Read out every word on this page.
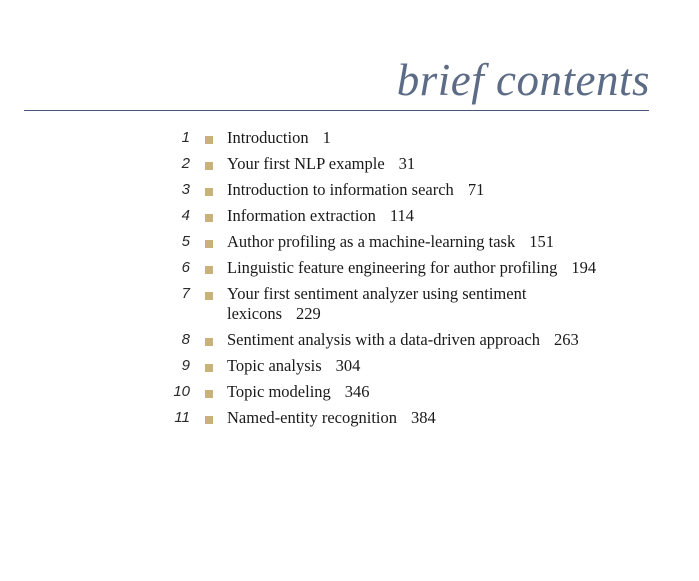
brief contents
1 Introduction 1
2 Your first NLP example 31
3 Introduction to information search 71
4 Information extraction 114
5 Author profiling as a machine-learning task 151
6 Linguistic feature engineering for author profiling 194
7 Your first sentiment analyzer using sentiment lexicons 229
8 Sentiment analysis with a data-driven approach 263
9 Topic analysis 304
10 Topic modeling 346
11 Named-entity recognition 384
